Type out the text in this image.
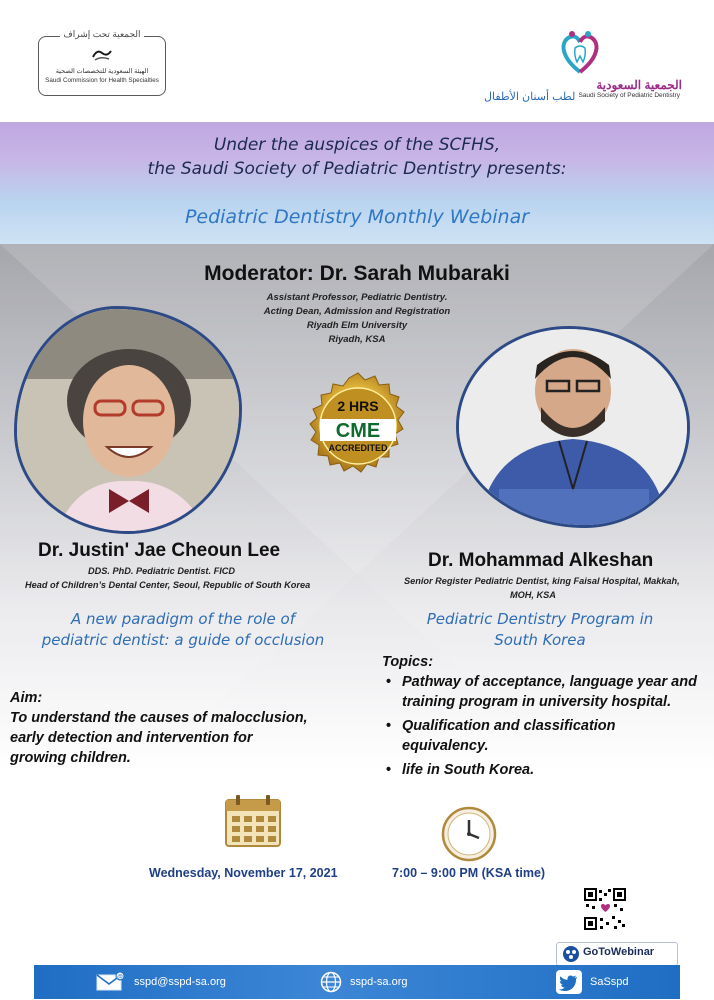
الجمعية تحت إشراف
الهيئة السعودية للتخصصات الصحية
Saudi Commission for Health Specialties	الجمعية السعودية
لطب أسنان الأطفال Saudi Society of Pediatric Dentistry
Under the auspices of the SCFHS,
the Saudi Society of Pediatric Dentistry presents:
Pediatric Dentistry Monthly Webinar
Moderator: Dr. Sarah Mubaraki
Assistant Professor, Pediatric Dentistry.
Acting Dean, Admission and Registration
Riyadh Elm University
Riyadh, KSA
2 HRS
CME
ACCREDITED
Dr. Justin' Jae Cheoun Lee
DDS. PhD. Pediatric Dentist. FICD
Head of Children’s Dental Center, Seoul, Republic of South Korea
A new paradigm of the role of
pediatric dentist: a guide of occlusion
Aim:
To understand the causes of malocclusion,
early detection and intervention for
growing children.
Dr. Mohammad Alkeshan
Senior Register Pediatric Dentist, king Faisal Hospital, Makkah,
MOH, KSA
Pediatric Dentistry Program in
South Korea
Topics:
• Pathway of acceptance, language year and training program in university hospital.
• Qualification and classification equivalency.
• life in South Korea.
Wednesday, November 17, 2021	7:00 – 9:00 PM (KSA time)
GoToWebinar
@ sspd@sspd-sa.org	sspd-sa.org	SaSspd
